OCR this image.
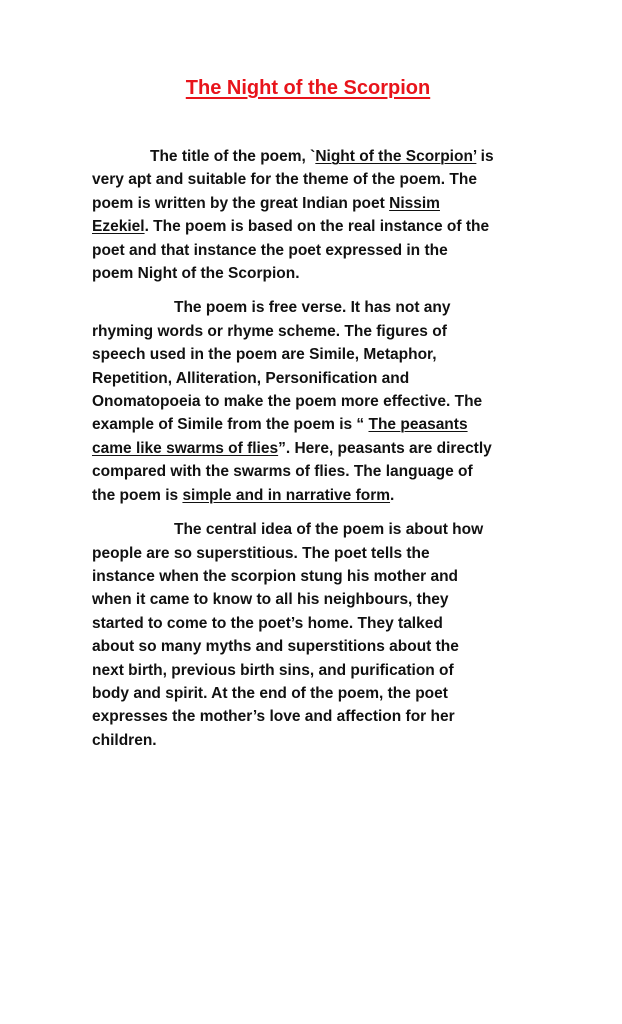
The Night of the Scorpion

The title of the poem, `Night of the Scorpion’ is
very apt and suitable for the theme of the poem. The
poem is written by the great Indian poet Nissim
Ezekiel. The poem is based on the real instance of the
poet and that instance the poet expressed in the
poem Night of the Scorpion.

The poem is free verse. It has not any
rhyming words or rhyme scheme. The figures of
speech used in the poem are Simile, Metaphor,
Repetition, Alliteration, Personification and
Onomatopoeia to make the poem more effective. The
example of Simile from the poem is “ The peasants
came like swarms of flies”. Here, peasants are directly
compared with the swarms of flies. The language of
the poem is simple and in narrative form.

The central idea of the poem is about how
people are so superstitious. The poet tells the
instance when the scorpion stung his mother and
when it came to know to all his neighbours, they
started to come to the poet’s home. They talked
about so many myths and superstitions about the
next birth, previous birth sins, and purification of
body and spirit. At the end of the poem, the poet
expresses the mother’s love and affection for her
children.
